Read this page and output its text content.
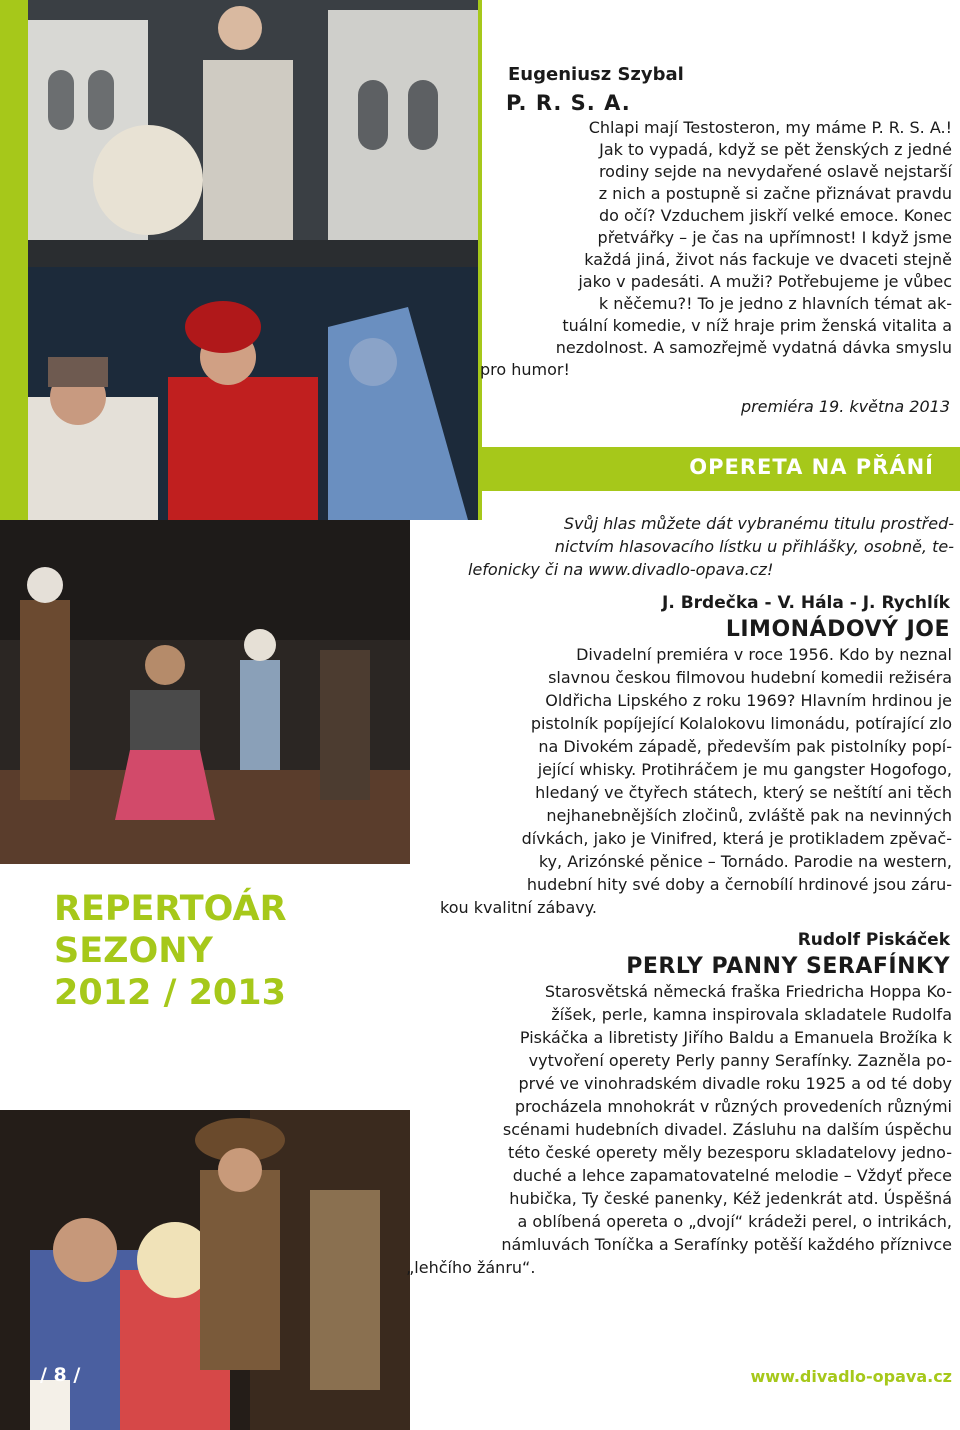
REPERTOÁR
SEZONY
2012 / 2013
Eugeniusz Szybal
P. R. S. A.
Chlapi mají Testosteron, my máme P. R. S. A.!
Jak to vypadá, když se pět ženských z jedné
rodiny sejde na nevydařené oslavě nejstarší
z nich a postupně si začne přiznávat pravdu
do očí? Vzduchem jiskří velké emoce. Konec
přetvářky – je čas na upřímnost! I když jsme
každá jiná, život nás fackuje ve dvaceti stejně
jako v padesáti. A muži? Potřebujeme je vůbec
k něčemu?! To je jedno z hlavních témat ak-
tuální komedie, v níž hraje prim ženská vitalita a
nezdolnost. A samozřejmě vydatná dávka smyslu
pro humor!
premiéra 19. května 2013
OPERETA NA PŘÁNÍ
Svůj hlas můžete dát vybranému titulu prostřed-
nictvím hlasovacího lístku u přihlášky, osobně, te-
lefonicky či na www.divadlo-opava.cz!
J. Brdečka - V. Hála - J. Rychlík
LIMONÁDOVÝ JOE
Divadelní premiéra v roce 1956. Kdo by neznal
slavnou českou filmovou hudební komedii režiséra
Oldřicha Lipského z roku 1969? Hlavním hrdinou je
pistolník popíjející Kolalokovu limonádu, potírající zlo
na Divokém západě, především pak pistolníky popí-
jející whisky. Protihráčem je mu gangster Hogofogo,
hledaný ve čtyřech státech, který se neštítí ani těch
nejhanebnějších zločinů, zvláště pak na nevinných
dívkách, jako je Vinifred, která je protikladem zpěvač-
ky, Arizónské pěnice – Tornádo. Parodie na western,
hudební hity své doby a černobílí hrdinové jsou záru-
kou kvalitní zábavy.
Rudolf Piskáček
PERLY PANNY SERAFÍNKY
Starosvětská německá fraška Friedricha Hoppa Ko-
žíšek, perle, kamna inspirovala skladatele Rudolfa
Piskáčka a libretisty Jiřího Baldu a Emanuela Brožíka k
vytvoření operety Perly panny Serafínky. Zazněla po-
prvé ve vinohradském divadle roku 1925 a od té doby
procházela mnohokrát v různých provedeních různými
scénami hudebních divadel. Zásluhu na dalším úspěchu
této české operety měly bezesporu skladatelovy jedno-
duché a lehce zapamatovatelné melodie – Vždyť přece
hubička, Ty české panenky, Kéž jedenkrát atd. Úspěšná
a oblíbená opereta o „dvojí“ krádeži perel, o intrikách,
námluvách Toníčka a Serafínky potěší každého příznivce
„lehčího žánru“.
/ 8 /	www.divadlo-opava.cz
